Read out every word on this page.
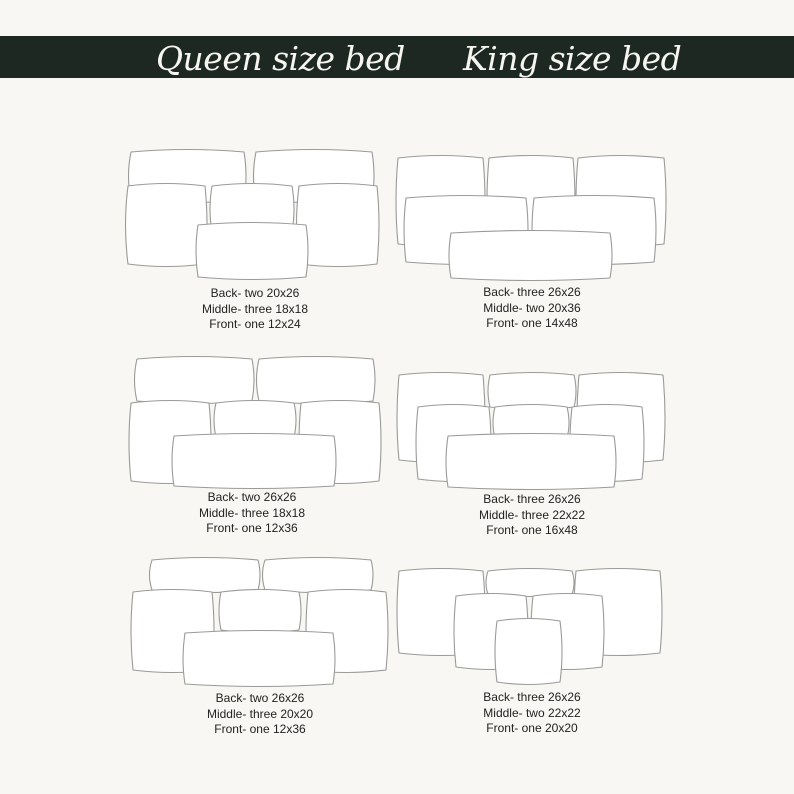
Queen size bed King size bed
Back- two 20x26
Middle- three 18x18
Front- one 12x24
Back- three 26x26
Middle- two 20x36
Front- one 14x48
Back- two 26x26
Middle- three 18x18
Front- one 12x36
Back- three 26x26
Middle- three 22x22
Front- one 16x48
Back- two 26x26
Middle- three 20x20
Front- one 12x36
Back- three 26x26
Middle- two 22x22
Front- one 20x20
